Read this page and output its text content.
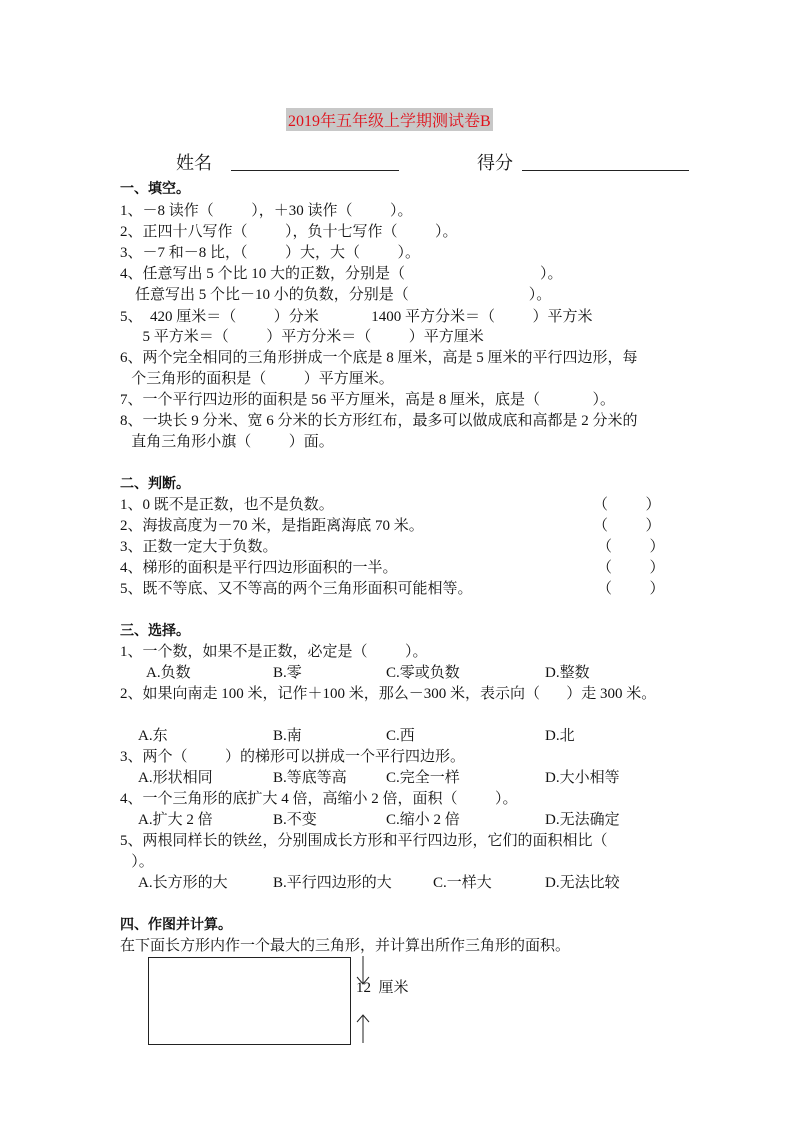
2019年五年级上学期测试卷B
姓名	得分
12  厘米
一、填空。
1、－8 读作（          ），＋30 读作（          ）。
2、正四十八写作（          ），负十七写作（          ）。
3、－7 和－8 比，（          ）大，大（          ）。
4、任意写出 5 个比 10 大的正数，分别是（                                    ）。
任意写出 5 个比－10 小的负数，分别是（                                ）。
5、  420 厘米＝（          ）分米              1400 平方分米＝（          ）平方米
5 平方米＝（          ）平方分米＝（          ）平方厘米
6、两个完全相同的三角形拼成一个底是 8 厘米，高是 5 厘米的平行四边形，每
个三角形的面积是（          ）平方厘米。
7、一个平行四边形的面积是 56 平方厘米，高是 8 厘米，底是（              ）。
8、一块长 9 分米、宽 6 分米的长方形红布，最多可以做成底和高都是 2 分米的
直角三角形小旗（          ）面。
二、判断。
1、0 既不是正数，也不是负数。	（          ）
2、海拔高度为－70 米，是指距离海底 70 米。	（          ）
3、正数一定大于负数。	（          ）
4、梯形的面积是平行四边形面积的一半。	（          ）
5、既不等底、又不等高的两个三角形面积可能相等。	（          ）
三、选择。
1、一个数，如果不是正数，必定是（          ）。
A.负数	B.零	C.零或负数	D.整数
2、如果向南走 100 米，记作＋100 米，那么－300 米，表示向（       ）走 300 米。
A.东	B.南	C.西	D.北
3、两个（          ）的梯形可以拼成一个平行四边形。
A.形状相同	B.等底等高	C.完全一样	D.大小相等
4、一个三角形的底扩大 4 倍，高缩小 2 倍，面积（          ）。
A.扩大 2 倍	B.不变	C.缩小 2 倍	D.无法确定
5、两根同样长的铁丝，分别围成长方形和平行四边形，它们的面积相比（
）。
A.长方形的大	B.平行四边形的大	C.一样大	D.无法比较
四、作图并计算。
在下面长方形内作一个最大的三角形，并计算出所作三角形的面积。
